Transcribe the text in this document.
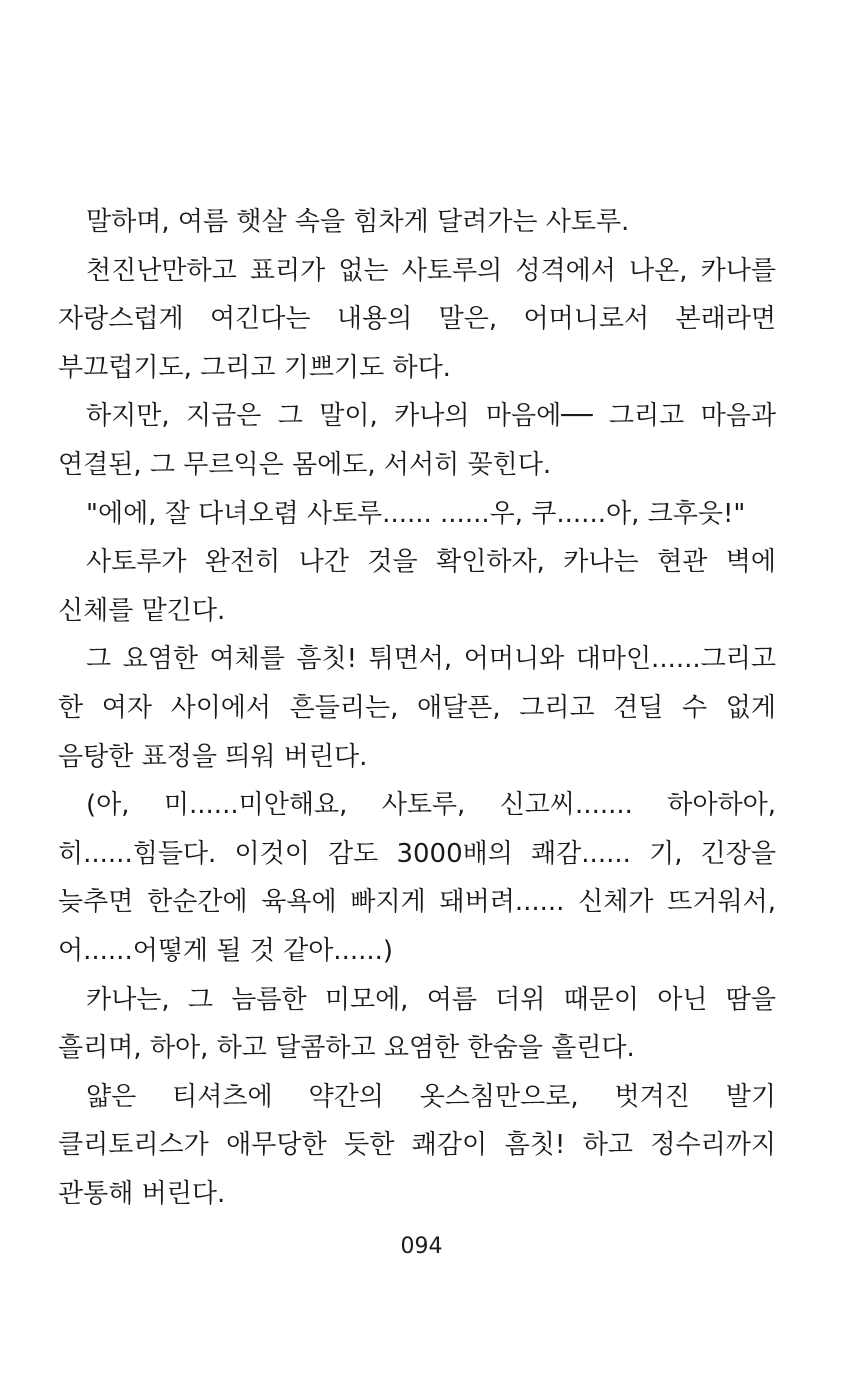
말하며, 여름 햇살 속을 힘차게 달려가는 사토루.
천진난만하고 표리가 없는 사토루의 성격에서 나온, 카나를
자랑스럽게 여긴다는 내용의 말은, 어머니로서 본래라면
부끄럽기도, 그리고 기쁘기도 하다.
하지만, 지금은 그 말이, 카나의 마음에── 그리고 마음과
연결된, 그 무르익은 몸에도, 서서히 꽂힌다.
"에에, 잘 다녀오렴 사토루...... ......우, 쿠......아, 크후읏!"
사토루가 완전히 나간 것을 확인하자, 카나는 현관 벽에
신체를 맡긴다.
그 요염한 여체를 흠칫! 튀면서, 어머니와 대마인......그리고
한 여자 사이에서 흔들리는, 애달픈, 그리고 견딜 수 없게
음탕한 표정을 띄워 버린다.
(아, 미......미안해요, 사토루, 신고씨....... 하아하아,
히......힘들다. 이것이 감도 3000배의 쾌감...... 기, 긴장을
늦추면 한순간에 육욕에 빠지게 돼버려...... 신체가 뜨거워서,
어......어떻게 될 것 같아......)
카나는, 그 늠름한 미모에, 여름 더위 때문이 아닌 땀을
흘리며, 하아, 하고 달콤하고 요염한 한숨을 흘린다.
얇은 티셔츠에 약간의 옷스침만으로, 벗겨진 발기
클리토리스가 애무당한 듯한 쾌감이 흠칫! 하고 정수리까지
관통해 버린다.
094
